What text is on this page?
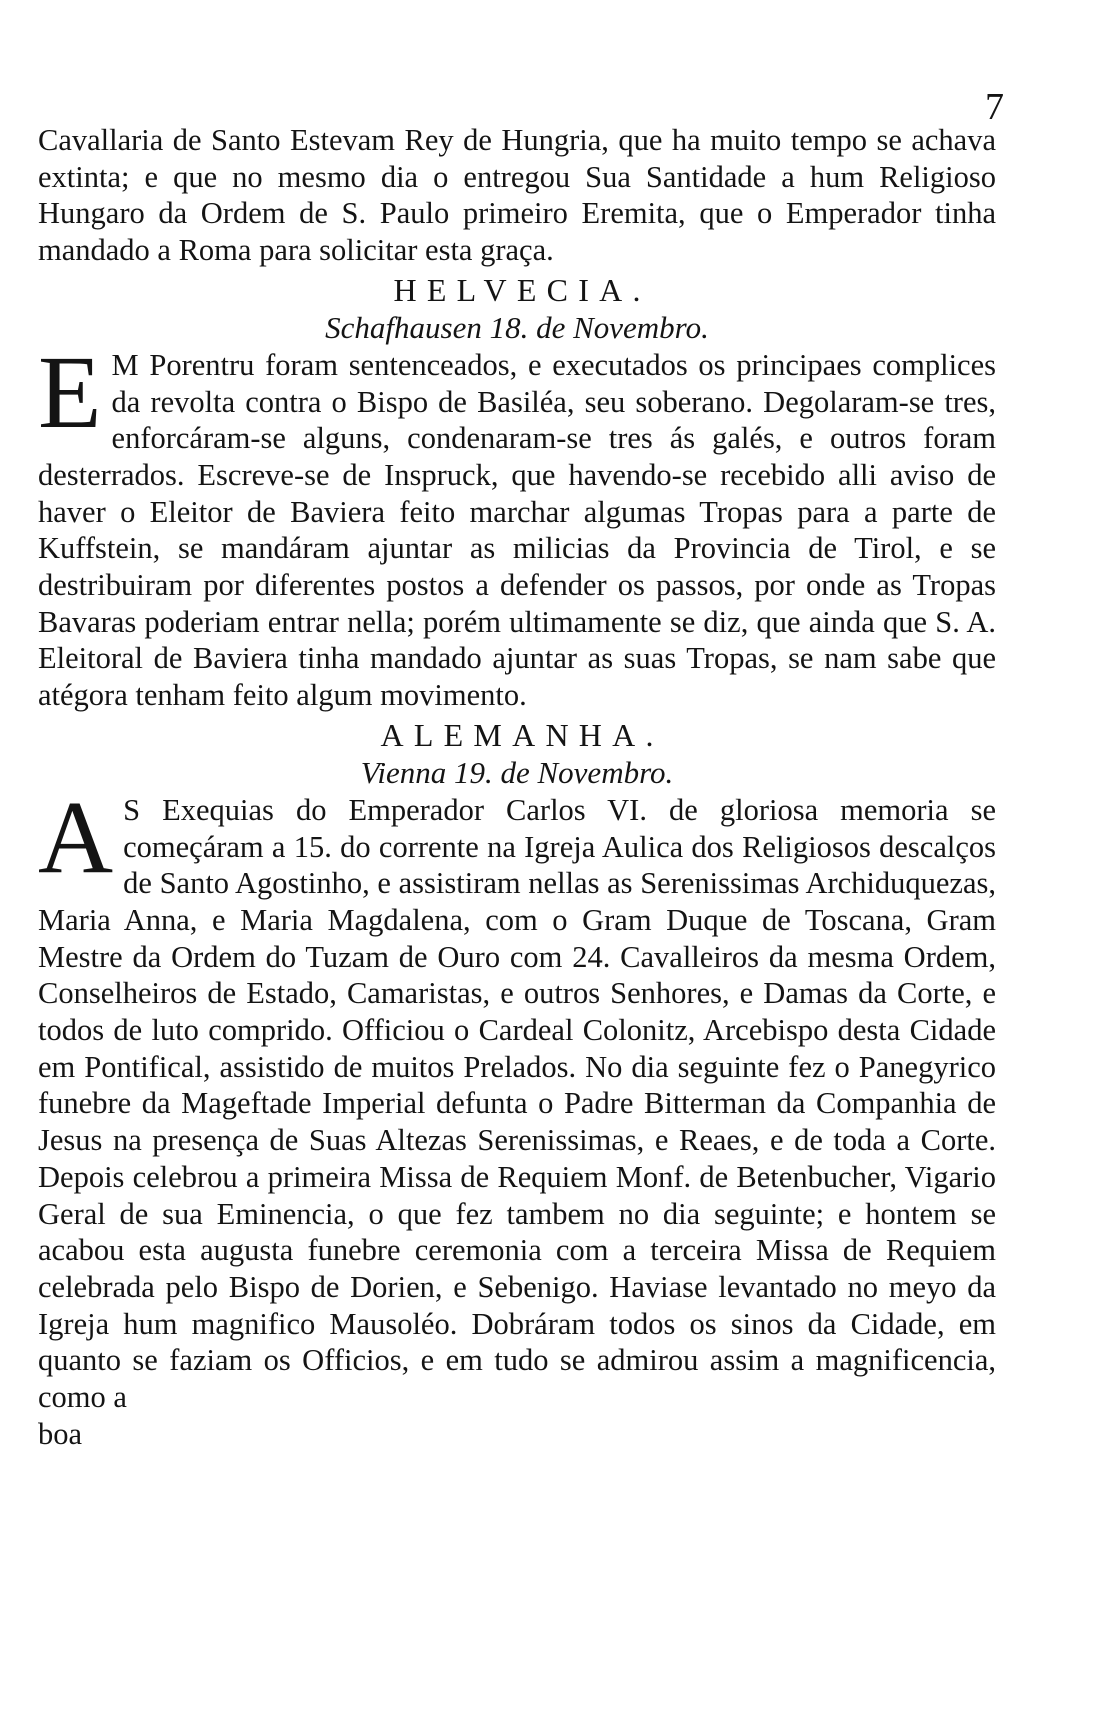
7

Cavallaria de Santo Estevam Rey de Hungria, que ha muito tempo se achava extinta; e que no mesmo dia o entregou Sua Santidade a hum Religioso Hungaro da Ordem de S. Paulo primeiro Eremita, que o Emperador tinha mandado a Roma para solicitar esta graça.

HELVECIA.
Schafhausen 18. de Novembro.

E M Porentru foram sentenceados, e executados os principaes complices da revolta contra o Bispo de Basiléa, seu soberano. Degolaram-se tres, enforcáram-se alguns, condenaram-se tres ás galés, e outros foram desterrados. Escreve-se de Inspruck, que havendo-se recebido alli aviso de haver o Eleitor de Baviera feito marchar algumas Tropas para a parte de Kuffstein, se mandáram ajuntar as milicias da Provincia de Tirol, e se destribuiram por diferentes postos a defender os passos, por onde as Tropas Bavaras poderiam entrar nella; porém ultimamente se diz, que ainda que S. A. Eleitoral de Baviera tinha mandado ajuntar as suas Tropas, se nam sabe que atégora tenham feito algum movimento.

ALEMANHA.
Vienna 19. de Novembro.

A S Exequias do Emperador Carlos VI. de gloriosa memoria se começáram a 15. do corrente na Igreja Aulica dos Religiosos descalços de Santo Agostinho, e assistiram nellas as Serenissimas Archiduquezas, Maria Anna, e Maria Magdalena, com o Gram Duque de Toscana, Gram Mestre da Ordem do Tuzam de Ouro com 24. Cavalleiros da mesma Ordem, Conselheiros de Estado, Camaristas, e outros Senhores, e Damas da Corte, e todos de luto comprido. Officiou o Cardeal Colonitz, Arcebispo desta Cidade em Pontifical, assistido de muitos Prelados. No dia seguinte fez o Panegyrico funebre da Mageftade Imperial defunta o Padre Bitterman da Companhia de Jesus na presença de Suas Altezas Serenissimas, e Reaes, e de toda a Corte. Depois celebrou a primeira Missa de Requiem Monf. de Betenbucher, Vigario Geral de sua Eminencia, o que fez tambem no dia seguinte; e hontem se acabou esta augusta funebre ceremonia com a terceira Missa de Requiem celebrada pelo Bispo de Dorien, e Sebenigo. Haviase levantado no meyo da Igreja hum magnifico Mausoléo. Dobráram todos os sinos da Cidade, em quanto se faziam os Officios, e em tudo se admirou assim a magnificencia, como a

boa
